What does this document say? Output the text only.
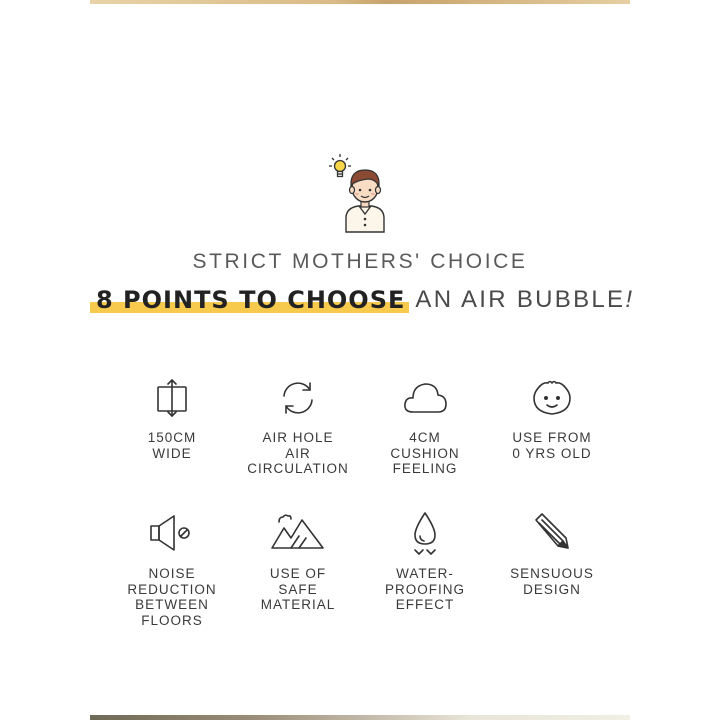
STRICT MOTHERS' CHOICE
8 POINTS TO CHOOSE AN AIR BUBBLE!
150CM
WIDE
AIR HOLE
AIR
CIRCULATION
4CM
CUSHION
FEELING
USE FROM
0 YRS OLD
NOISE
REDUCTION
BETWEEN
FLOORS
USE OF
SAFE
MATERIAL
WATER-
PROOFING
EFFECT
SENSUOUS
DESIGN
